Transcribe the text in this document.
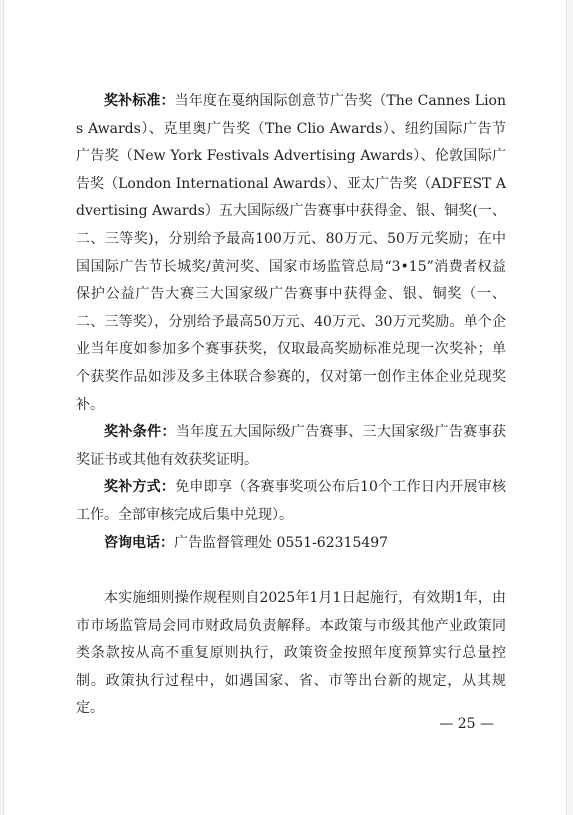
奖补标准：当年度在戛纳国际创意节广告奖（The Cannes Lions Awards）、克里奥广告奖（The Clio Awards）、纽约国际广告节广告奖（New York Festivals Advertising Awards）、伦敦国际广告奖（London International Awards）、亚太广告奖（ADFEST Advertising Awards）五大国际级广告赛事中获得金、银、铜奖(一、二、三等奖)，分别给予最高100万元、80万元、50万元奖励；在中国国际广告节长城奖/黄河奖、国家市场监管总局“3•15”消费者权益保护公益广告大赛三大国家级广告赛事中获得金、银、铜奖（一、二、三等奖），分别给予最高50万元、40万元、30万元奖励。单个企业当年度如参加多个赛事获奖，仅取最高奖励标准兑现一次奖补；单个获奖作品如涉及多主体联合参赛的，仅对第一创作主体企业兑现奖补。

奖补条件：当年度五大国际级广告赛事、三大国家级广告赛事获奖证书或其他有效获奖证明。

奖补方式：免申即享（各赛事奖项公布后10个工作日内开展审核工作。全部审核完成后集中兑现）。

咨询电话：广告监督管理处 0551-62315497

本实施细则操作规程则自2025年1月1日起施行，有效期1年，由市市场监管局会同市财政局负责解释。本政策与市级其他产业政策同类条款按从高不重复原则执行，政策资金按照年度预算实行总量控制。政策执行过程中，如遇国家、省、市等出台新的规定，从其规定。

— 25 —
